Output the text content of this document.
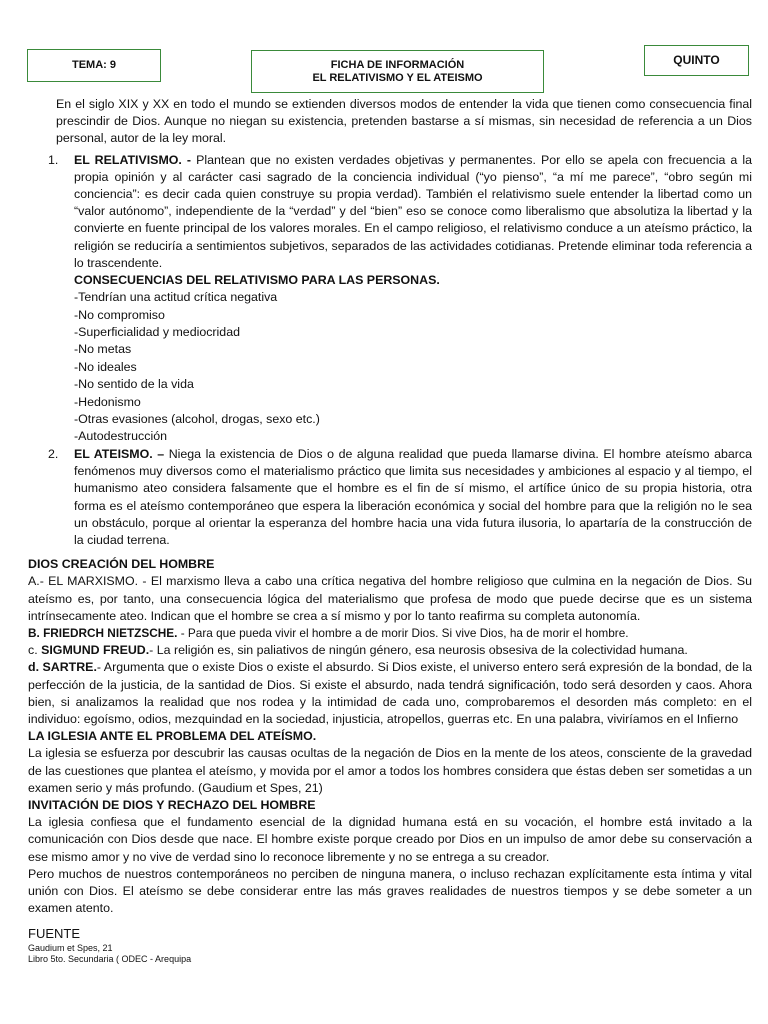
TEMA: 9	FICHA DE INFORMACIÓN
EL RELATIVISMO Y EL ATEISMO
QUINTO

En el siglo XIX y XX en todo el mundo se extienden diversos modos de entender la vida que tienen como consecuencia final prescindir de Dios. Aunque no niegan su existencia, pretenden bastarse a sí mismas, sin necesidad de referencia a un Dios personal, autor de la ley moral.

1. EL RELATIVISMO. - Plantean que no existen verdades objetivas y permanentes. Por ello se apela con frecuencia a la propia opinión y al carácter casi sagrado de la conciencia individual (“yo pienso”, “a mí me parece”, “obro según mi conciencia”: es decir cada quien construye su propia verdad). También el relativismo suele entender la libertad como un “valor autónomo”, independiente de la “verdad” y del “bien” eso se conoce como liberalismo que absolutiza la libertad y la convierte en fuente principal de los valores morales. En el campo religioso, el relativismo conduce a un ateísmo práctico, la religión se reduciría a sentimientos subjetivos, separados de las actividades cotidianas. Pretende eliminar toda referencia a lo trascendente.
CONSECUENCIAS DEL RELATIVISMO PARA LAS PERSONAS.
-Tendrían una actitud crítica negativa
-No compromiso
-Superficialidad y mediocridad
-No metas
-No ideales
-No sentido de la vida
-Hedonismo
-Otras evasiones (alcohol, drogas, sexo etc.)
-Autodestrucción
2. EL ATEISMO. – Niega la existencia de Dios o de alguna realidad que pueda llamarse divina. El hombre ateísmo abarca fenómenos muy diversos como el materialismo práctico que limita sus necesidades y ambiciones al espacio y al tiempo, el humanismo ateo considera falsamente que el hombre es el fin de sí mismo, el artífice único de su propia historia, otra forma es el ateísmo contemporáneo que espera la liberación económica y social del hombre para que la religión no le sea un obstáculo, porque al orientar la esperanza del hombre hacia una vida futura ilusoria, lo apartaría de la construcción de la ciudad terrena.
DIOS CREACIÓN DEL HOMBRE

A.- EL MARXISMO. - El marxismo lleva a cabo una crítica negativa del hombre religioso que culmina en la negación de Dios. Su ateísmo es, por tanto, una consecuencia lógica del materialismo que profesa de modo que puede decirse que es un sistema intrínsecamente ateo. Indican que el hombre se crea a sí mismo y por lo tanto reafirma su completa autonomía.

B. FRIEDRCH NIETZSCHE. - Para que pueda vivir el hombre a de morir Dios. Si vive Dios, ha de morir el hombre.

c. SIGMUND FREUD.- La religión es, sin paliativos de ningún género, esa neurosis obsesiva de la colectividad humana.

d. SARTRE.- Argumenta que o existe Dios o existe el absurdo. Si Dios existe, el universo entero será expresión de la bondad, de la perfección de la justicia, de la santidad de Dios. Si existe el absurdo, nada tendrá significación, todo será desorden y caos. Ahora bien, si analizamos la realidad que nos rodea y la intimidad de cada uno, comprobaremos el desorden más completo: en el individuo: egoísmo, odios, mezquindad en la sociedad, injusticia, atropellos, guerras etc. En una palabra, viviríamos en el Infierno

LA IGLESIA ANTE EL PROBLEMA DEL ATEÍSMO.

La iglesia se esfuerza por descubrir las causas ocultas de la negación de Dios en la mente de los ateos, consciente de la gravedad de las cuestiones que plantea el ateísmo, y movida por el amor a todos los hombres considera que éstas deben ser sometidas a un examen serio y más profundo. (Gaudium et Spes, 21)

INVITACIÓN DE DIOS Y RECHAZO DEL HOMBRE

La iglesia confiesa que el fundamento esencial de la dignidad humana está en su vocación, el hombre está invitado a la comunicación con Dios desde que nace. El hombre existe porque creado por Dios en un impulso de amor debe su conservación a ese mismo amor y no vive de verdad sino lo reconoce libremente y no se entrega a su creador.

Pero muchos de nuestros contemporáneos no perciben de ninguna manera, o incluso rechazan explícitamente esta íntima y vital unión con Dios. El ateísmo se debe considerar entre las más graves realidades de nuestros tiempos y se debe someter a un examen atento.

FUENTE
Gaudium et Spes, 21
Libro 5to. Secundaria ( ODEC - Arequipa
